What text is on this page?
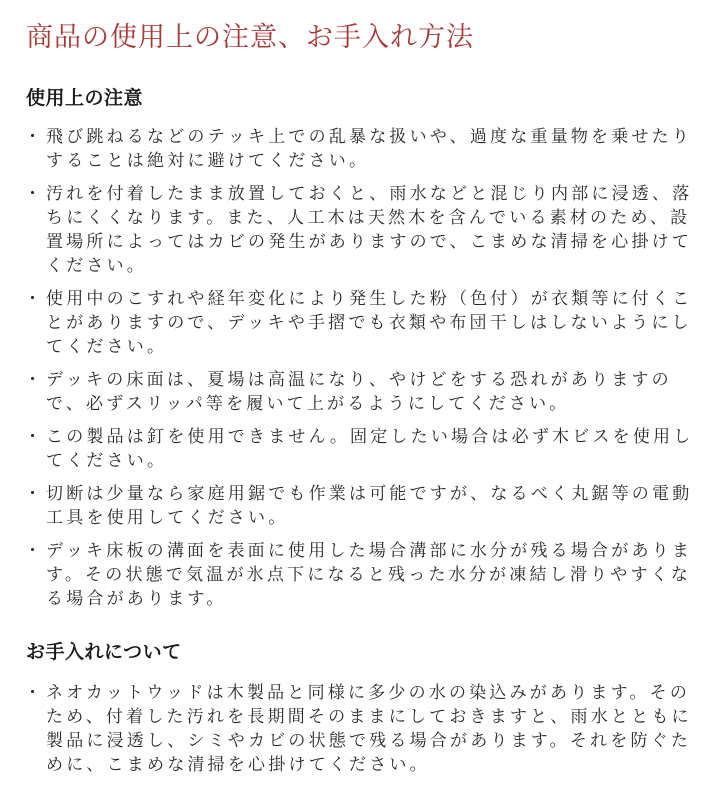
商品の使用上の注意、お手入れ方法
使用上の注意
・ 飛び跳ねるなどのテッキ上での乱暴な扱いや、過度な重量物を乗せたりすることは絶対に避けてください。
・ 汚れを付着したまま放置しておくと、雨水などと混じり内部に浸透、落ちにくくなります。また、人工木は天然木を含んでいる素材のため、設置場所によってはカビの発生がありますので、こまめな清掃を心掛けてください。
・ 使用中のこすれや経年変化により発生した粉（色付）が衣類等に付くことがありますので、デッキや手摺でも衣類や布団干しはしないようにしてください。
・ デッキの床面は、夏場は高温になり、やけどをする恐れがありますので、必ずスリッパ等を履いて上がるようにしてください。
・ この製品は釘を使用できません。固定したい場合は必ず木ビスを使用してください。
・ 切断は少量なら家庭用鋸でも作業は可能ですが、なるべく丸鋸等の電動工具を使用してください。
・ デッキ床板の溝面を表面に使用した場合溝部に水分が残る場合があります。その状態で気温が氷点下になると残った水分が凍結し滑りやすくなる場合があります。
お手入れについて
・ ネオカットウッドは木製品と同様に多少の水の染込みがあります。そのため、付着した汚れを長期間そのままにしておきますと、雨水とともに製品に浸透し、シミやカビの状態で残る場合があります。それを防ぐために、こまめな清掃を心掛けてください。
